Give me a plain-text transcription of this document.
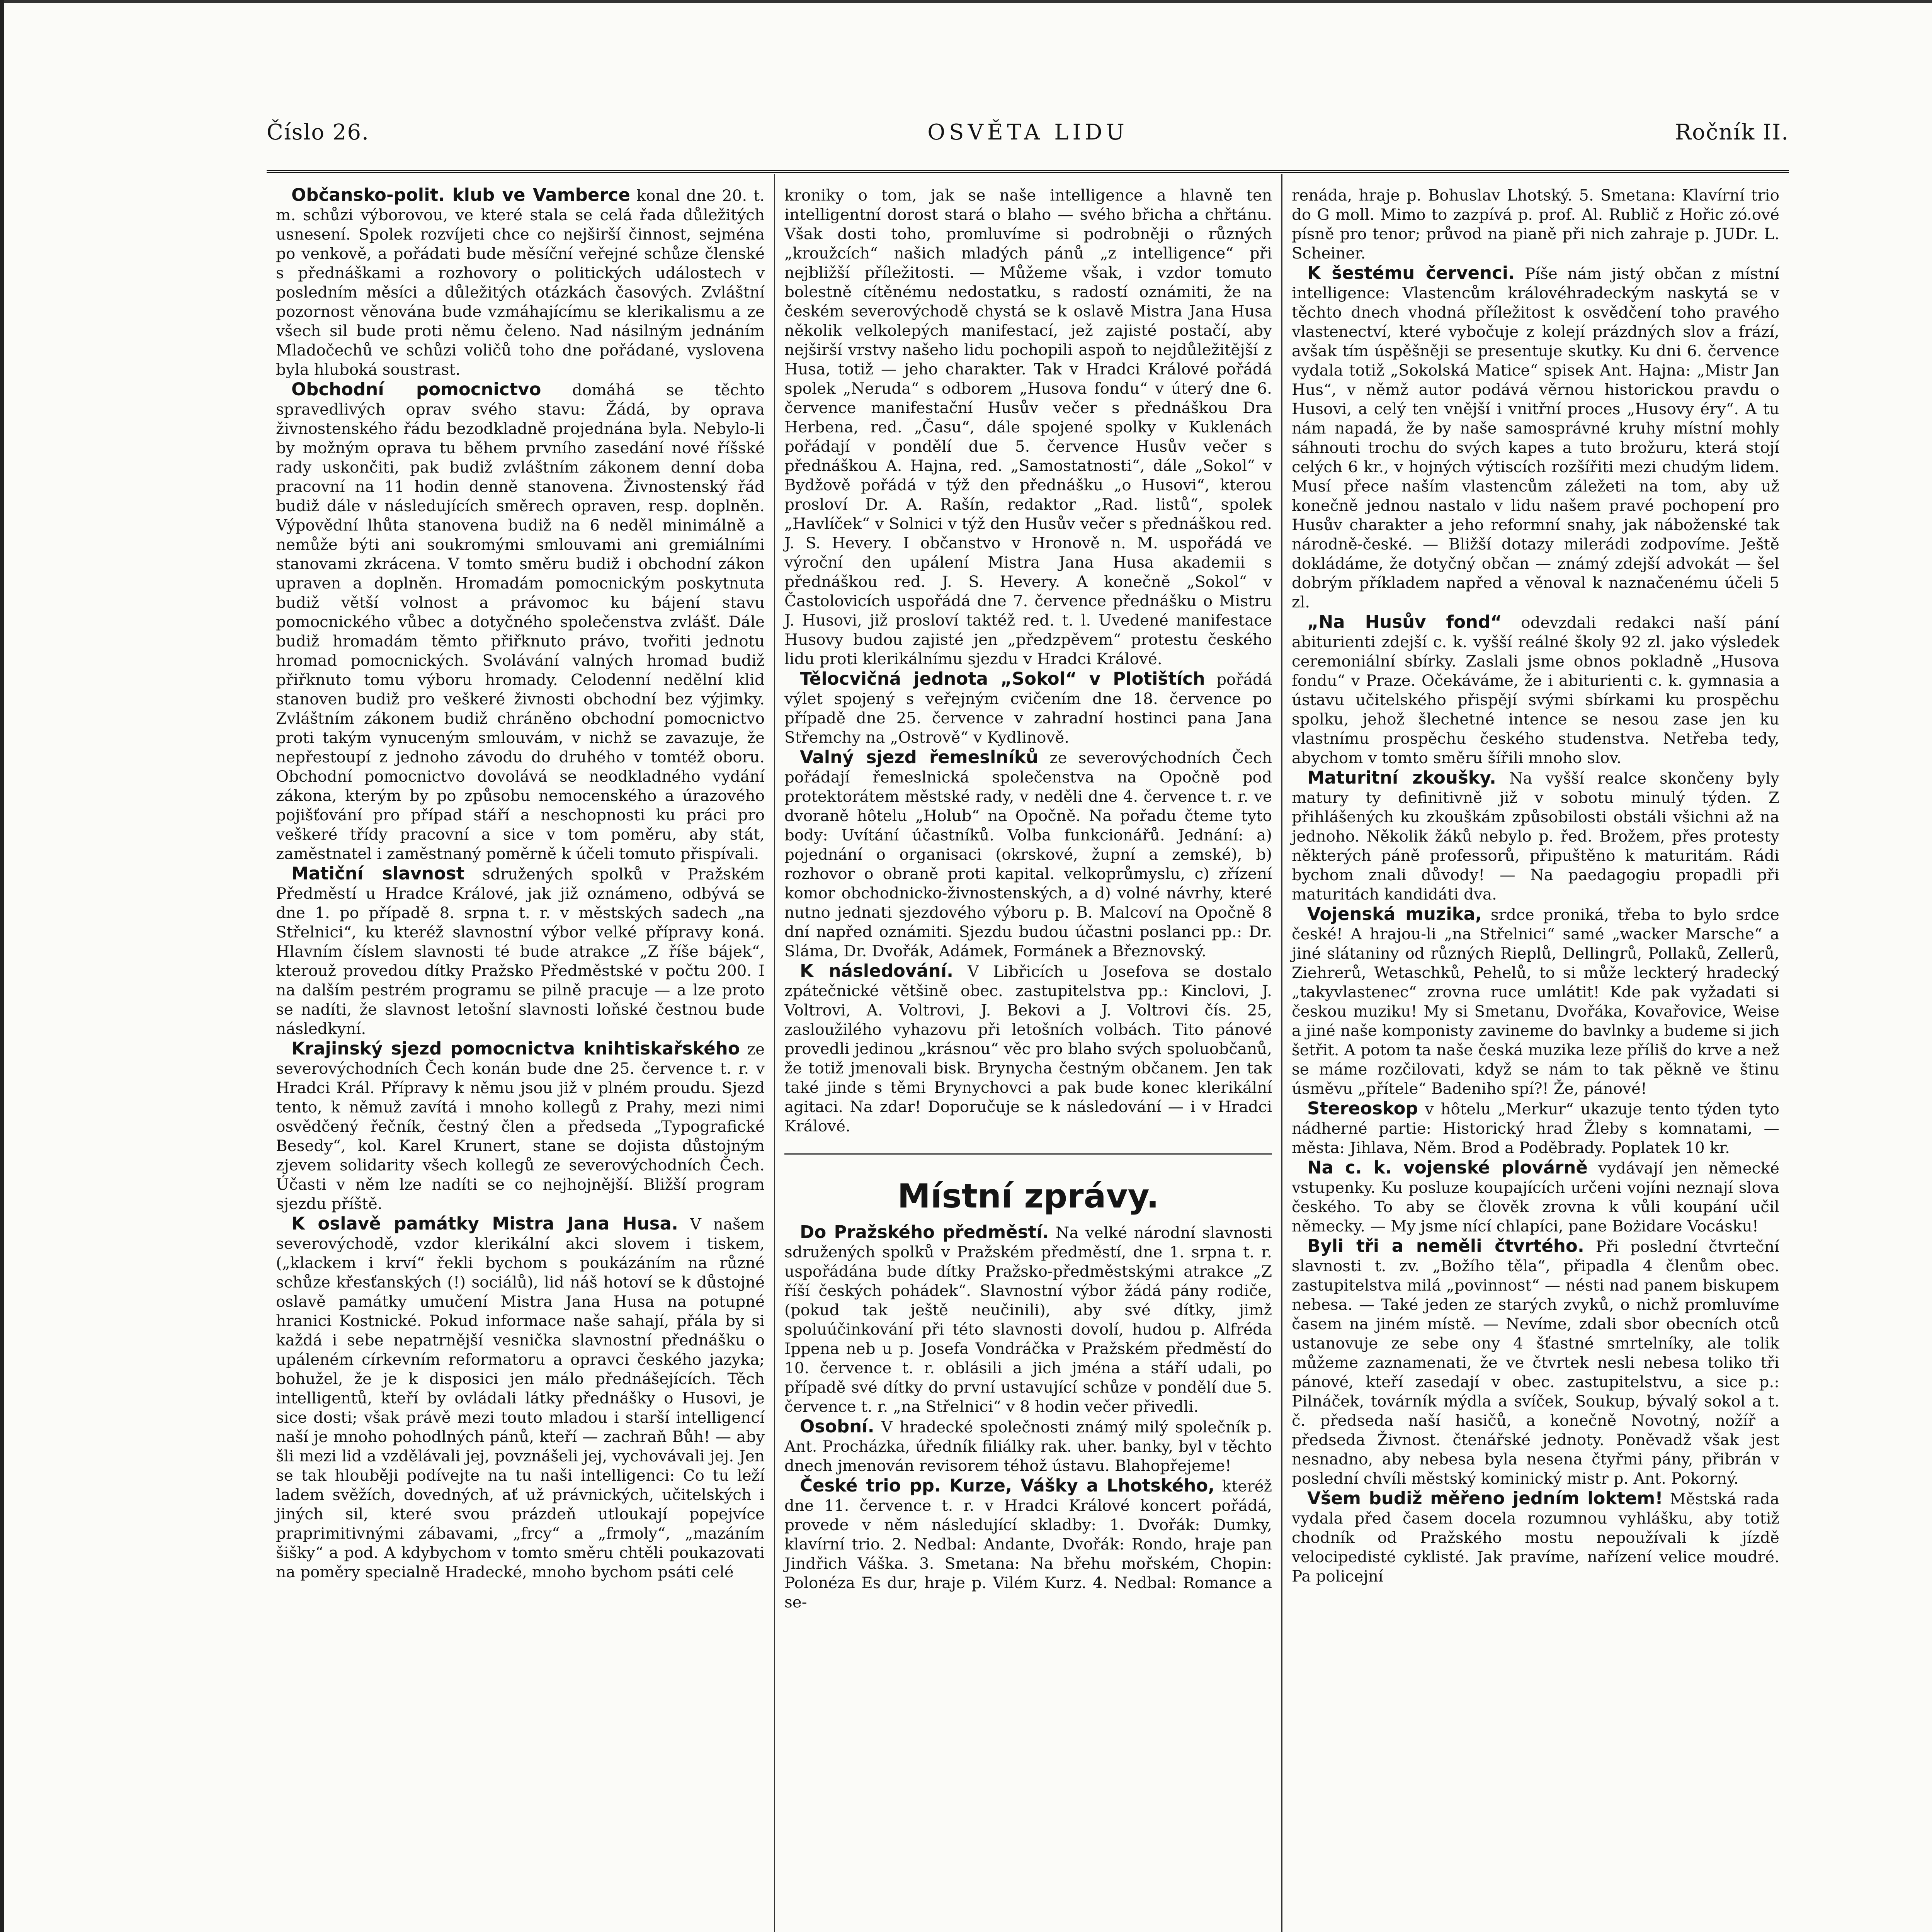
Číslo 26.	OSVĚTA LIDU	Ročník II.

Občansko-polit. klub ve Vamberce konal dne 20. t. m. schůzi výborovou, ve které stala se celá řada důležitých usnesení. Spolek rozvíjeti chce co nejširší činnost, sejména po venkově, a pořádati bude měsíční veřejné schůze členské s přednáškami a rozhovory o politických událostech v posledním měsíci a důležitých otázkách časových. Zvláštní pozornost věnována bude vzmáhajícímu se klerikalismu a ze všech sil bude proti němu čeleno. Nad násilným jednáním Mladočechů ve schůzi voličů toho dne pořádané, vyslovena byla hluboká soustrast.

Obchodní pomocnictvo domáhá se těchto spravedlivých oprav svého stavu: Žádá, by oprava živnostenského řádu bezodkladně projednána byla. Nebylo-li by možným oprava tu během prvního zasedání nové říšské rady uskončiti, pak budiž zvláštním zákonem denní doba pracovní na 11 hodin denně stanovena. Živnostenský řád budiž dále v následujících směrech opraven, resp. doplněn. Výpovědní lhůta stanovena budiž na 6 neděl minimálně a nemůže býti ani soukromými smlouvami ani gremiálními stanovami zkrácena. V tomto směru budiž i obchodní zákon upraven a doplněn. Hromadám pomocnickým poskytnuta budiž větší volnost a právomoc ku bájení stavu pomocnického vůbec a dotyčného společenstva zvlášť. Dále budiž hromadám těmto přiřknuto právo, tvořiti jednotu hromad pomocnických. Svolávání valných hromad budiž přiřknuto tomu výboru hromady. Celodenní nedělní klid stanoven budiž pro veškeré živnosti obchodní bez výjimky. Zvláštním zákonem budiž chráněno obchodní pomocnictvo proti takým vynuceným smlouvám, v nichž se zavazuje, že nepřestoupí z jednoho závodu do druhého v tomtéž oboru. Obchodní pomocnictvo dovolává se neodkladného vydání zákona, kterým by po způsobu nemocenského a úrazového pojišťování pro případ stáří a neschopnosti ku práci pro veškeré třídy pracovní a sice v tom poměru, aby stát, zaměstnatel i zaměstnaný poměrně k účeli tomuto přispívali.

Matiční slavnost sdružených spolků v Pražském Předměstí u Hradce Králové, jak již oznámeno, odbývá se dne 1. po případě 8. srpna t. r. v městských sadech „na Střelnici“, ku kteréž slavnostní výbor velké přípravy koná. Hlavním číslem slavnosti té bude atrakce „Z říše bájek“, kterouž provedou dítky Pražsko Předměstské v počtu 200. I na dalším pestrém programu se pilně pracuje — a lze proto se nadíti, že slavnost letošní slavnosti loňské čestnou bude následkyní.

Krajinský sjezd pomocnictva knihtiskařského ze severovýchodních Čech konán bude dne 25. července t. r. v Hradci Král. Přípravy k němu jsou již v plném proudu. Sjezd tento, k němuž zavítá i mnoho kollegů z Prahy, mezi nimi osvědčený řečník, čestný člen a předseda „Typografické Besedy“, kol. Karel Krunert, stane se dojista důstojným zjevem solidarity všech kollegů ze severovýchodních Čech. Účasti v něm lze nadíti se co nejhojnější. Bližší program sjezdu příště.

K oslavě památky Mistra Jana Husa. V našem severovýchodě, vzdor klerikální akci slovem i tiskem, („klackem i krví“ řekli bychom s poukázáním na různé schůze křesťanských (!) sociálů), lid náš hotoví se k důstojné oslavě památky umučení Mistra Jana Husa na potupné hranici Kostnické. Pokud informace naše sahají, přála by si každá i sebe nepatrnější vesnička slavnostní přednášku o upáleném církevním reformatoru a opravci českého jazyka; bohužel, že je k disposici jen málo přednášejících. Těch intelligentů, kteří by ovládali látky přednášky o Husovi, je sice dosti; však právě mezi touto mladou i starší intelligencí naší je mnoho pohodlných pánů, kteří — zachraň Bůh! — aby šli mezi lid a vzdělávali jej, povznášeli jej, vychovávali jej. Jen se tak hlouběji podívejte na tu naši intelligenci: Co tu leží ladem svěžích, dovedných, ať už právnických, učitelských i jiných sil, které svou prázdeň utloukají popejvíce praprimitivnými zábavami, „frcy“ a „frmoly“, „mazáním šišky“ a pod. A kdybychom v tomto směru chtěli poukazovati na poměry specialně Hradecké, mnoho bychom psáti celé

kroniky o tom, jak se naše intelligence a hlavně ten intelligentní dorost stará o blaho — svého břicha a chřtánu. Však dosti toho, promluvíme si podrobněji o různých „kroužcích“ našich mladých pánů „z intelligence“ při nejbližší příležitosti. — Můžeme však, i vzdor tomuto bolestně cítěnému nedostatku, s radostí oznámiti, že na českém severovýchodě chystá se k oslavě Mistra Jana Husa několik velkolepých manifestací, jež zajisté postačí, aby nejširší vrstvy našeho lidu pochopili aspoň to nejdůležitější z Husa, totiž — jeho charakter. Tak v Hradci Králové pořádá spolek „Neruda“ s odborem „Husova fondu“ v úterý dne 6. července manifestační Husův večer s přednáškou Dra Herbena, red. „Času“, dále spojené spolky v Kuklenách pořádají v pondělí due 5. července Husův večer s přednáškou A. Hajna, red. „Samostatnosti“, dále „Sokol“ v Bydžově pořádá v týž den přednášku „o Husovi“, kterou prosloví Dr. A. Rašín, redaktor „Rad. listů“, spolek „Havlíček“ v Solnici v týž den Husův večer s přednáškou red. J. S. Hevery. I občanstvo v Hronově n. M. uspořádá ve výroční den upálení Mistra Jana Husa akademii s přednáškou red. J. S. Hevery. A konečně „Sokol“ v Častolovicích uspořádá dne 7. července přednášku o Mistru J. Husovi, již prosloví taktéž red. t. l. Uvedené manifestace Husovy budou zajisté jen „předzpěvem“ protestu českého lidu proti klerikálnímu sjezdu v Hradci Králové.

Tělocvičná jednota „Sokol“ v Plotištích pořádá výlet spojený s veřejným cvičením dne 18. července po případě dne 25. července v zahradní hostinci pana Jana Střemchy na „Ostrově“ v Kydlinově.

Valný sjezd řemeslníků ze severovýchodních Čech pořádají řemeslnická společenstva na Opočně pod protektorátem městské rady, v neděli dne 4. července t. r. ve dvoraně hôtelu „Holub“ na Opočně. Na pořadu čteme tyto body: Uvítání účastníků. Volba funkcionářů. Jednání: a) pojednání o organisaci (okrskové, župní a zemské), b) rozhovor o obraně proti kapital. velkoprůmyslu, c) zřízení komor obchodnicko-živnostenských, a d) volné návrhy, které nutno jednati sjezdového výboru p. B. Malcoví na Opočně 8 dní napřed oznámiti. Sjezdu budou účastni poslanci pp.: Dr. Sláma, Dr. Dvořák, Adámek, Formánek a Březnovský.

K následování. V Libřicích u Josefova se dostalo zpátečnické většině obec. zastupitelstva pp.: Kinclovi, J. Voltrovi, A. Voltrovi, J. Bekovi a J. Voltrovi čís. 25, zasloužilého vyhazovu při letošních volbách. Tito pánové provedli jedinou „krásnou“ věc pro blaho svých spoluobčanů, že totiž jmenovali bisk. Brynycha čestným občanem. Jen tak také jinde s těmi Brynychovci a pak bude konec klerikální agitaci. Na zdar! Doporučuje se k následování — i v Hradci Králové.

Místní zprávy.

Do Pražského předměstí. Na velké národní slavnosti sdružených spolků v Pražském předměstí, dne 1. srpna t. r. uspořádána bude dítky Pražsko-předměstskými atrakce „Z říší českých pohádek“. Slavnostní výbor žádá pány rodiče, (pokud tak ještě neučinili), aby své dítky, jimž spoluúčinkování při této slavnosti dovolí, hudou p. Alfréda Ippena neb u p. Josefa Vondráčka v Pražském předměstí do 10. července t. r. oblásili a jich jména a stáří udali, po případě své dítky do první ustavující schůze v pondělí due 5. července t. r. „na Střelnici“ v 8 hodin večer přivedli.

Osobní. V hradecké společnosti známý milý společník p. Ant. Procházka, úředník filiálky rak. uher. banky, byl v těchto dnech jmenován revisorem téhož ústavu. Blahopřejeme!

České trio pp. Kurze, Vášky a Lhotského, kteréž dne 11. července t. r. v Hradci Králové koncert pořádá, provede v něm následující skladby: 1. Dvořák: Dumky, klavírní trio. 2. Nedbal: Andante, Dvořák: Rondo, hraje pan Jindřich Váška. 3. Smetana: Na břehu mořském, Chopin: Polonéza Es dur, hraje p. Vilém Kurz. 4. Nedbal: Romance a se-

renáda, hraje p. Bohuslav Lhotský. 5. Smetana: Klavírní trio do G moll. Mimo to zazpívá p. prof. Al. Rublič z Hořic zó.ové písně pro tenor; průvod na pianě při nich zahraje p. JUDr. L. Scheiner.

K šestému červenci. Píše nám jistý občan z místní intelligence: Vlastencům královéhradeckým naskytá se v těchto dnech vhodná příležitost k osvědčení toho pravého vlastenectví, které vybočuje z kolejí prázdných slov a frází, avšak tím úspěšněji se presentuje skutky. Ku dni 6. července vydala totiž „Sokolská Matice“ spisek Ant. Hajna: „Mistr Jan Hus“, v němž autor podává věrnou historickou pravdu o Husovi, a celý ten vnější i vnitřní proces „Husovy éry“. A tu nám napadá, že by naše samosprávné kruhy místní mohly sáhnouti trochu do svých kapes a tuto brožuru, která stojí celých 6 kr., v hojných výtiscích rozšířiti mezi chudým lidem. Musí přece naším vlastencům záležeti na tom, aby už konečně jednou nastalo v lidu našem pravé pochopení pro Husův charakter a jeho reformní snahy, jak náboženské tak národně-české. — Bližší dotazy milerádi zodpovíme. Ještě dokládáme, že dotyčný občan — známý zdejší advokát — šel dobrým příkladem napřed a věnoval k naznačenému účeli 5 zl.

„Na Husův fond“ odevzdali redakci naší pání abiturienti zdejší c. k. vyšší reálné školy 92 zl. jako výsledek ceremoniální sbírky. Zaslali jsme obnos pokladně „Husova fondu“ v Praze. Očekáváme, že i abiturienti c. k. gymnasia a ústavu učitelského přispějí svými sbírkami ku prospěchu spolku, jehož šlechetné intence se nesou zase jen ku vlastnímu prospěchu českého studenstva. Netřeba tedy, abychom v tomto směru šířili mnoho slov.

Maturitní zkoušky. Na vyšší realce skončeny byly matury ty definitivně již v sobotu minulý týden. Z přihlášených ku zkouškám způsobilosti obstáli všichni až na jednoho. Několik žáků nebylo p. řed. Brožem, přes protesty některých páně professorů, připuštěno k maturitám. Rádi bychom znali důvody! — Na paedagogiu propadli při maturitách kandidáti dva.

Vojenská muzika, srdce proniká, třeba to bylo srdce české! A hrajou-li „na Střelnici“ samé „wacker Marsche“ a jiné slátaniny od různých Rieplů, Dellingrů, Pollaků, Zellerů, Ziehrerů, Wetaschků, Pehelů, to si může leckterý hradecký „takyvlastenec“ zrovna ruce umlátit! Kde pak vyžadati si českou muziku! My si Smetanu, Dvořáka, Kovařovice, Weise a jiné naše komponisty zavineme do bavlnky a budeme si jich šetřit. A potom ta naše česká muzika leze příliš do krve a než se máme rozčilovati, když se nám to tak pěkně ve štinu úsměvu „přítele“ Badeniho spí?! Že, pánové!

Stereoskop v hôtelu „Merkur“ ukazuje tento týden tyto nádherné partie: Historický hrad Žleby s komnatami, — města: Jihlava, Něm. Brod a Poděbrady. Poplatek 10 kr.

Na c. k. vojenské plovárně vydávají jen německé vstupenky. Ku posluze koupajících určeni vojíni neznají slova českého. To aby se člověk zrovna k vůli koupání učil německy. — My jsme nící chlapíci, pane Bożidare Vocásku!

Byli tři a neměli čtvrtého. Při poslední čtvrteční slavnosti t. zv. „Božího těla“, připadla 4 členům obec. zastupitelstva milá „povinnost“ — nésti nad panem biskupem nebesa. — Také jeden ze starých zvyků, o nichž promluvíme časem na jiném místě. — Nevíme, zdali sbor obecních otců ustanovuje ze sebe ony 4 šťastné smrtelníky, ale tolik můžeme zaznamenati, že ve čtvrtek nesli nebesa toliko tři pánové, kteří zasedají v obec. zastupitelstvu, a sice p.: Pilnáček, továrník mýdla a svíček, Soukup, bývalý sokol a t. č. předseda naší hasičů, a konečně Novotný, nožíř a předseda Živnost. čtenářské jednoty. Poněvadž však jest nesnadno, aby nebesa byla nesena čtyřmi pány, přibrán v poslední chvíli městský kominický mistr p. Ant. Pokorný.

Všem budiž měřeno jedním loktem! Městská rada vydala před časem docela rozumnou vyhlášku, aby totiž chodník od Pražského mostu nepoužívali k jízdě velocipedisté cyklisté. Jak pravíme, nařízení velice moudré. Pa policejní
